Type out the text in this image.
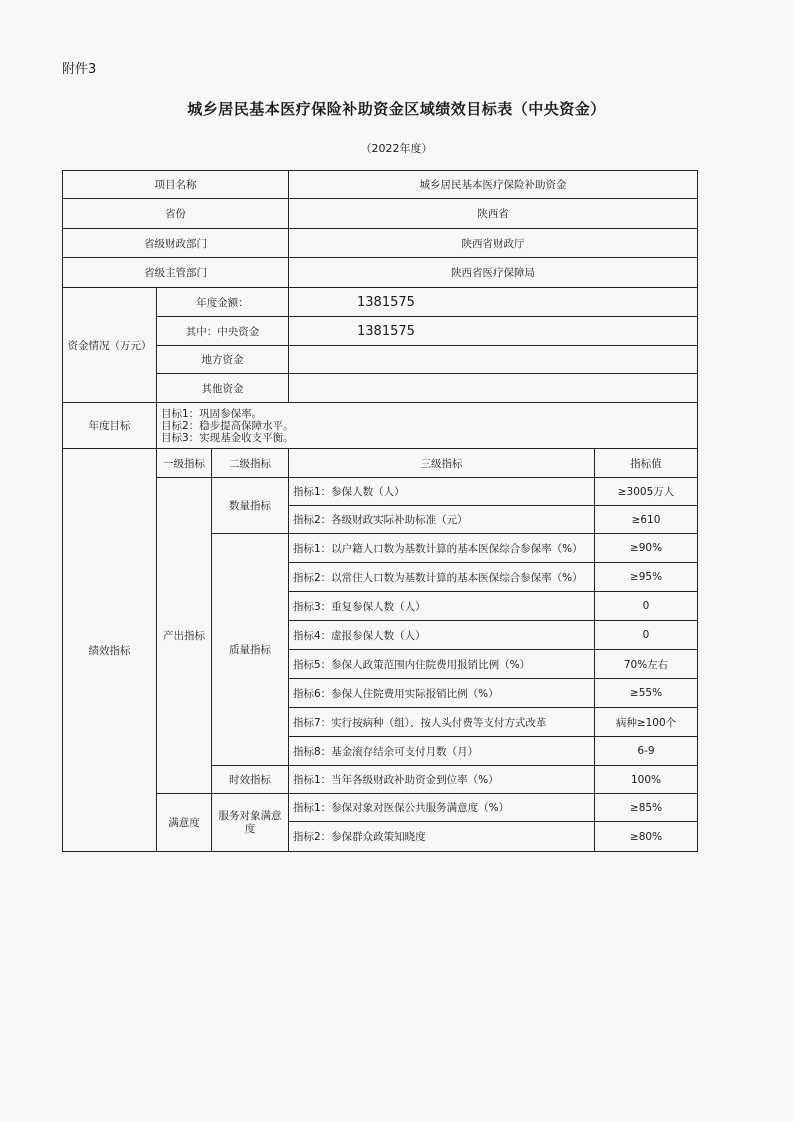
附件3
城乡居民基本医疗保险补助资金区域绩效目标表（中央资金）
（2022年度）
项目名称			城乡居民基本医疗保险补助资金	
省份			陕西省	
省级财政部门			陕西省财政厅	
省级主管部门			陕西省医疗保障局	
资金情况（万元）	年度金额：		1381575	
	其中：中央资金		1381575	
	地方资金			
	其他资金			
年度目标	目标1：巩固参保率。
目标2：稳步提高保障水平。
目标3：实现基金收支平衡。			

绩效指标	一级指标	二级指标	三级指标	指标值
	产出指标	数量指标	指标1：参保人数（人）	≥3005万人
			指标2：各级财政实际补助标准（元）	≥610
		质量指标	指标1：以户籍人口数为基数计算的基本医保综合参保率（%）	≥90%
			指标2：以常住人口数为基数计算的基本医保综合参保率（%）	≥95%
			指标3：重复参保人数（人）	0
			指标4：虚报参保人数（人）	0
			指标5：参保人政策范围内住院费用报销比例（%）	70%左右
			指标6：参保人住院费用实际报销比例（%）	≥55%
			指标7：实行按病种（组）、按人头付费等支付方式改革	病种≥100个
			指标8：基金滚存结余可支付月数（月）	6-9
		时效指标	指标1：当年各级财政补助资金到位率（%）	100%
	满意度	服务对象满意度	指标1：参保对象对医保公共服务满意度（%）	≥85%
			指标2：参保群众政策知晓度	≥80%
